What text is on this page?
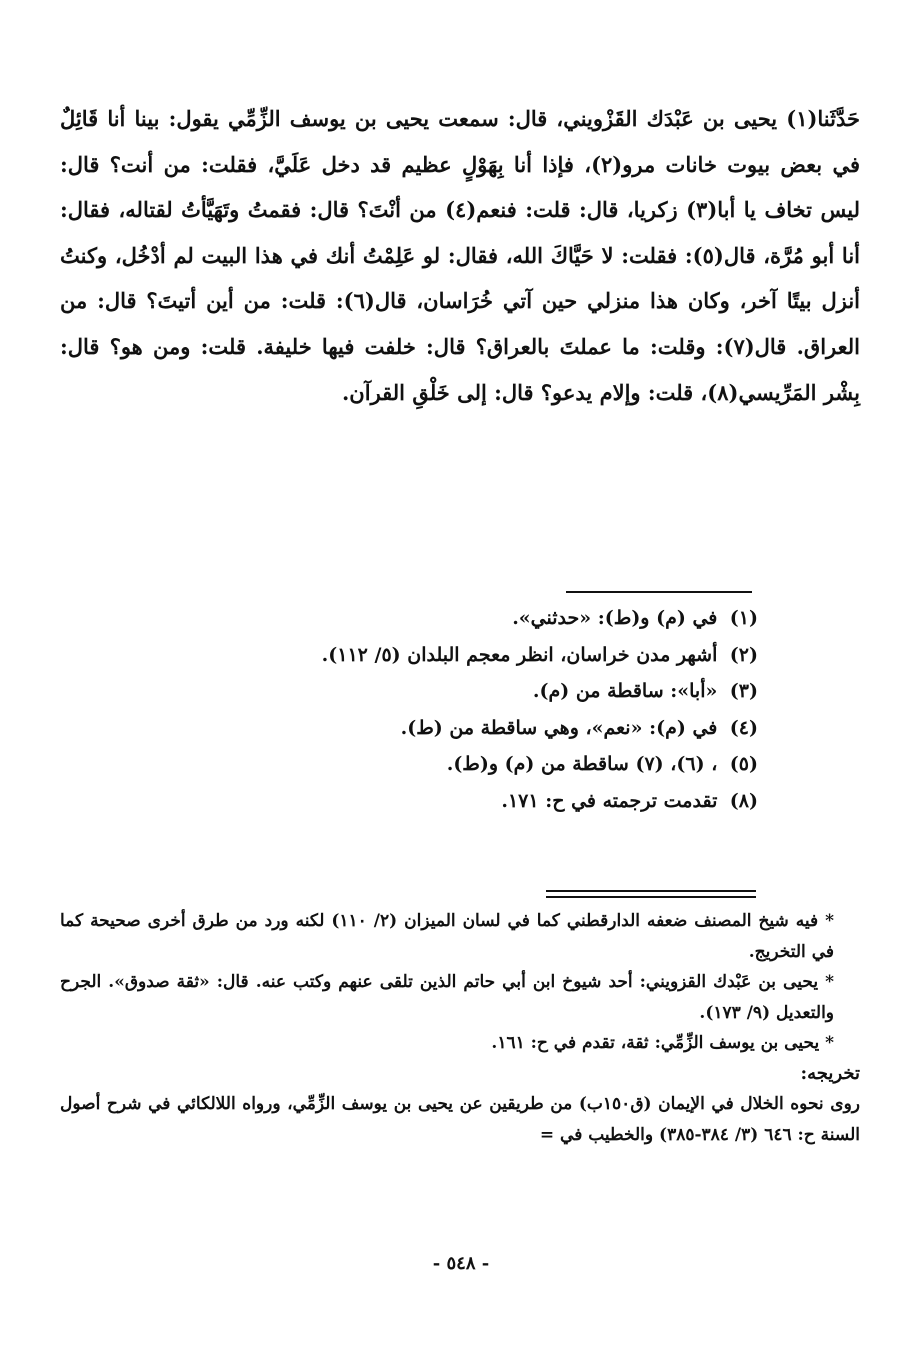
حَدَّثَنا(١) يحيى بن عَبْدَك القَزْويني، قال: سمعت يحيى بن يوسف الزِّمِّي يقول: بينا أنا قَائِلٌ في بعض بيوت خانات مرو(٢)، فإذا أنا بِهَوْلٍ عظيم قد دخل عَلَيَّ، فقلت: من أنت؟ قال: ليس تخاف يا أبا(٣) زكريا، قال: قلت: فنعم(٤) من أنْتَ؟ قال: فقمتُ وتَهَيَّأتُ لقتاله، فقال: أنا أبو مُرَّة، قال(٥): فقلت: لا حَيَّاكَ الله، فقال: لو عَلِمْتُ أنك في هذا البيت لم أدْخُل، وكنتُ أنزل بيتًا آخر، وكان هذا منزلي حين آتي خُرَاسان، قال(٦): قلت: من أين أتيتَ؟ قال: من العراق. قال(٧): وقلت: ما عملتَ بالعراق؟ قال: خلفت فيها خليفة. قلت: ومن هو؟ قال: بِشْر المَرِّيسي(٨)، قلت: وإلام يدعو؟ قال: إلى خَلْقِ القرآن.

(١) في (م) و(ط): «حدثني».
(٢) أشهر مدن خراسان، انظر معجم البلدان (٥/ ١١٢).
(٣) «أبا»: ساقطة من (م).
(٤) في (م): «نعم»، وهي ساقطة من (ط).
(٥) ، (٦)، (٧) ساقطة من (م) و(ط).
(٨) تقدمت ترجمته في ح: ١٧١.
* فيه شيخ المصنف ضعفه الدارقطني كما في لسان الميزان (٢/ ١١٠) لكنه ورد من طرق أخرى صحيحة كما في التخريج.
* يحيى بن عَبْدك القزويني: أحد شيوخ ابن أبي حاتم الذين تلقى عنهم وكتب عنه. قال: «ثقة صدوق». الجرح والتعديل (٩/ ١٧٣).
* يحيى بن يوسف الزِّمِّي: ثقة، تقدم في ح: ١٦١.
تخريجه:
روى نحوه الخلال في الإيمان (ق١٥٠ب) من طريقين عن يحيى بن يوسف الزِّمِّي، ورواه اللالكائي في شرح أصول السنة ح: ٦٤٦ (٣/ ٣٨٤-٣٨٥) والخطيب في =
- ٥٤٨ -
